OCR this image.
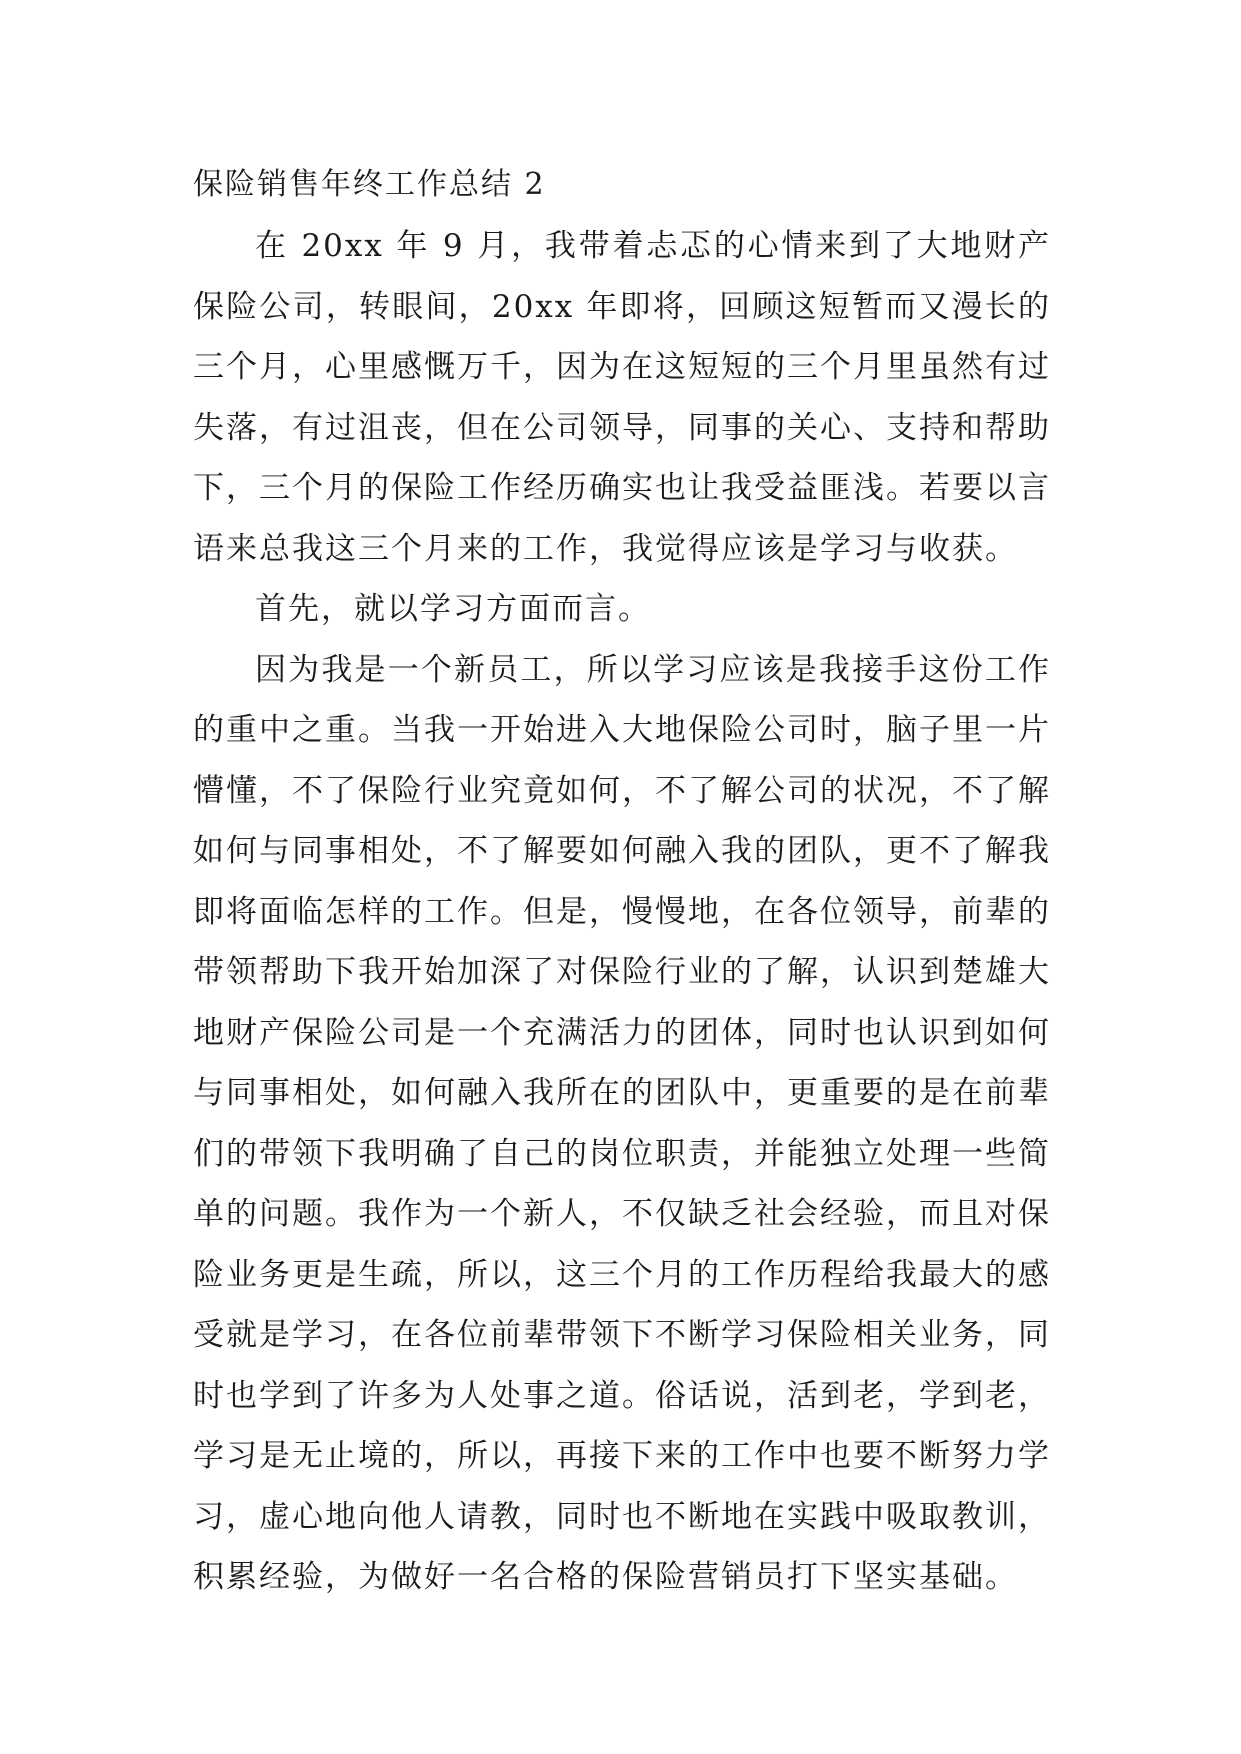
保险销售年终工作总结 2

在 20xx 年 9 月，我带着忐忑的心情来到了大地财产保险公司，转眼间，20xx 年即将，回顾这短暂而又漫长的三个月，心里感慨万千，因为在这短短的三个月里虽然有过失落，有过沮丧，但在公司领导，同事的关心、支持和帮助下，三个月的保险工作经历确实也让我受益匪浅。若要以言语来总我这三个月来的工作，我觉得应该是学习与收获。

首先，就以学习方面而言。

因为我是一个新员工，所以学习应该是我接手这份工作的重中之重。当我一开始进入大地保险公司时，脑子里一片懵懂，不了保险行业究竟如何，不了解公司的状况，不了解如何与同事相处，不了解要如何融入我的团队，更不了解我即将面临怎样的工作。但是，慢慢地，在各位领导，前辈的带领帮助下我开始加深了对保险行业的了解，认识到楚雄大地财产保险公司是一个充满活力的团体，同时也认识到如何与同事相处，如何融入我所在的团队中，更重要的是在前辈们的带领下我明确了自己的岗位职责，并能独立处理一些简单的问题。我作为一个新人，不仅缺乏社会经验，而且对保险业务更是生疏，所以，这三个月的工作历程给我最大的感受就是学习，在各位前辈带领下不断学习保险相关业务，同时也学到了许多为人处事之道。俗话说，活到老，学到老，学习是无止境的，所以，再接下来的工作中也要不断努力学习，虚心地向他人请教，同时也不断地在实践中吸取教训，积累经验，为做好一名合格的保险营销员打下坚实基础。
